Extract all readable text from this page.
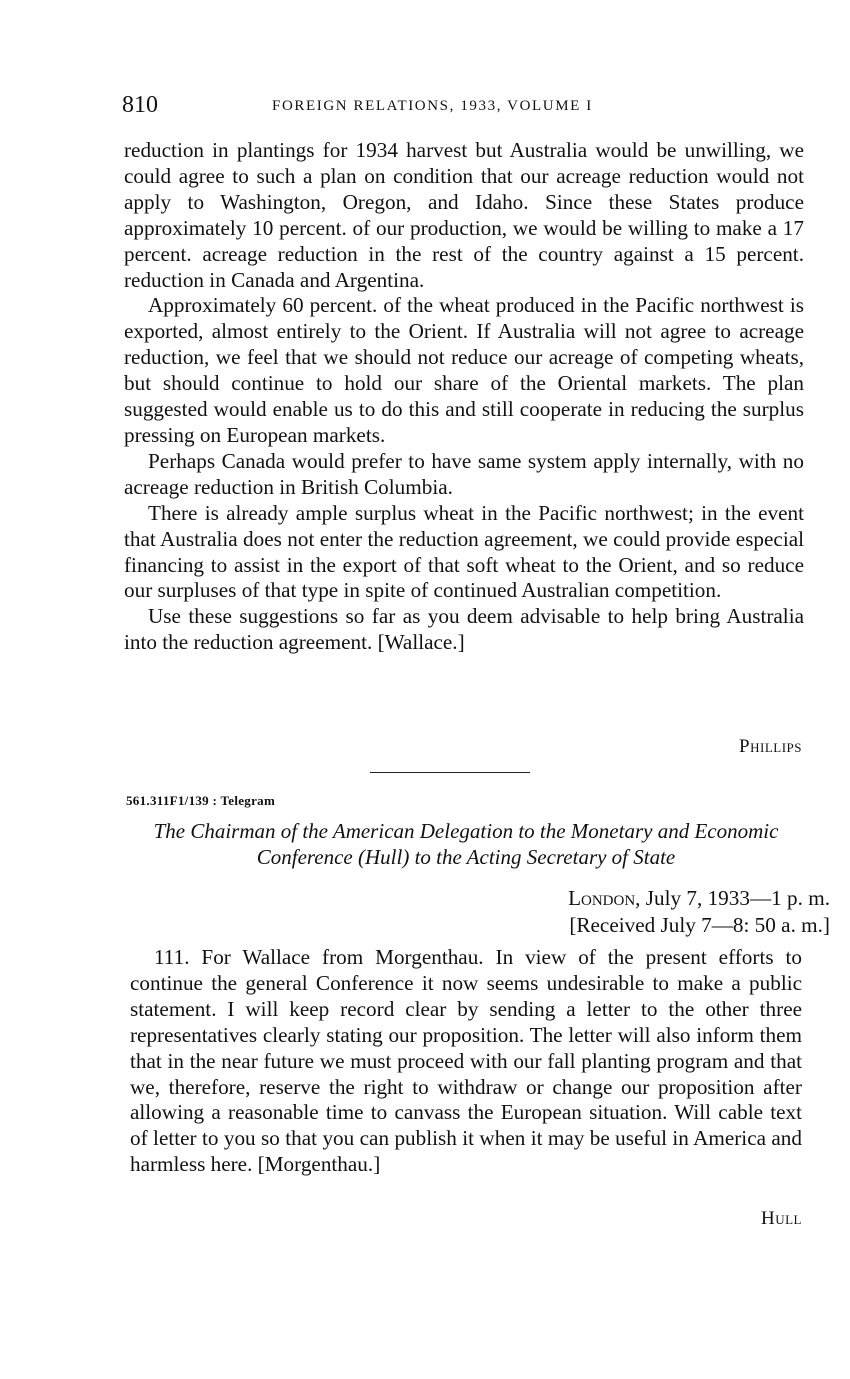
810	FOREIGN RELATIONS, 1933, VOLUME I

reduction in plantings for 1934 harvest but Australia would be unwilling, we could agree to such a plan on condition that our acreage reduction would not apply to Washington, Oregon, and Idaho. Since these States produce approximately 10 percent. of our production, we would be willing to make a 17 percent. acreage reduction in the rest of the country against a 15 percent. reduction in Canada and Argentina.

Approximately 60 percent. of the wheat produced in the Pacific northwest is exported, almost entirely to the Orient. If Australia will not agree to acreage reduction, we feel that we should not reduce our acreage of competing wheats, but should continue to hold our share of the Oriental markets. The plan suggested would enable us to do this and still cooperate in reducing the surplus pressing on European markets.

Perhaps Canada would prefer to have same system apply internally, with no acreage reduction in British Columbia.

There is already ample surplus wheat in the Pacific northwest; in the event that Australia does not enter the reduction agreement, we could provide especial financing to assist in the export of that soft wheat to the Orient, and so reduce our surpluses of that type in spite of continued Australian competition.

Use these suggestions so far as you deem advisable to help bring Australia into the reduction agreement. [Wallace.]

Phillips
561.311F1/139 : Telegram
The Chairman of the American Delegation to the Monetary and Economic Conference (Hull) to the Acting Secretary of State
London, July 7, 1933—1 p. m.
[Received July 7—8: 50 a. m.]

111. For Wallace from Morgenthau. In view of the present efforts to continue the general Conference it now seems undesirable to make a public statement. I will keep record clear by sending a letter to the other three representatives clearly stating our proposition. The letter will also inform them that in the near future we must proceed with our fall planting program and that we, therefore, reserve the right to withdraw or change our proposition after allowing a reasonable time to canvass the European situation. Will cable text of letter to you so that you can publish it when it may be useful in America and harmless here. [Morgenthau.]

Hull
